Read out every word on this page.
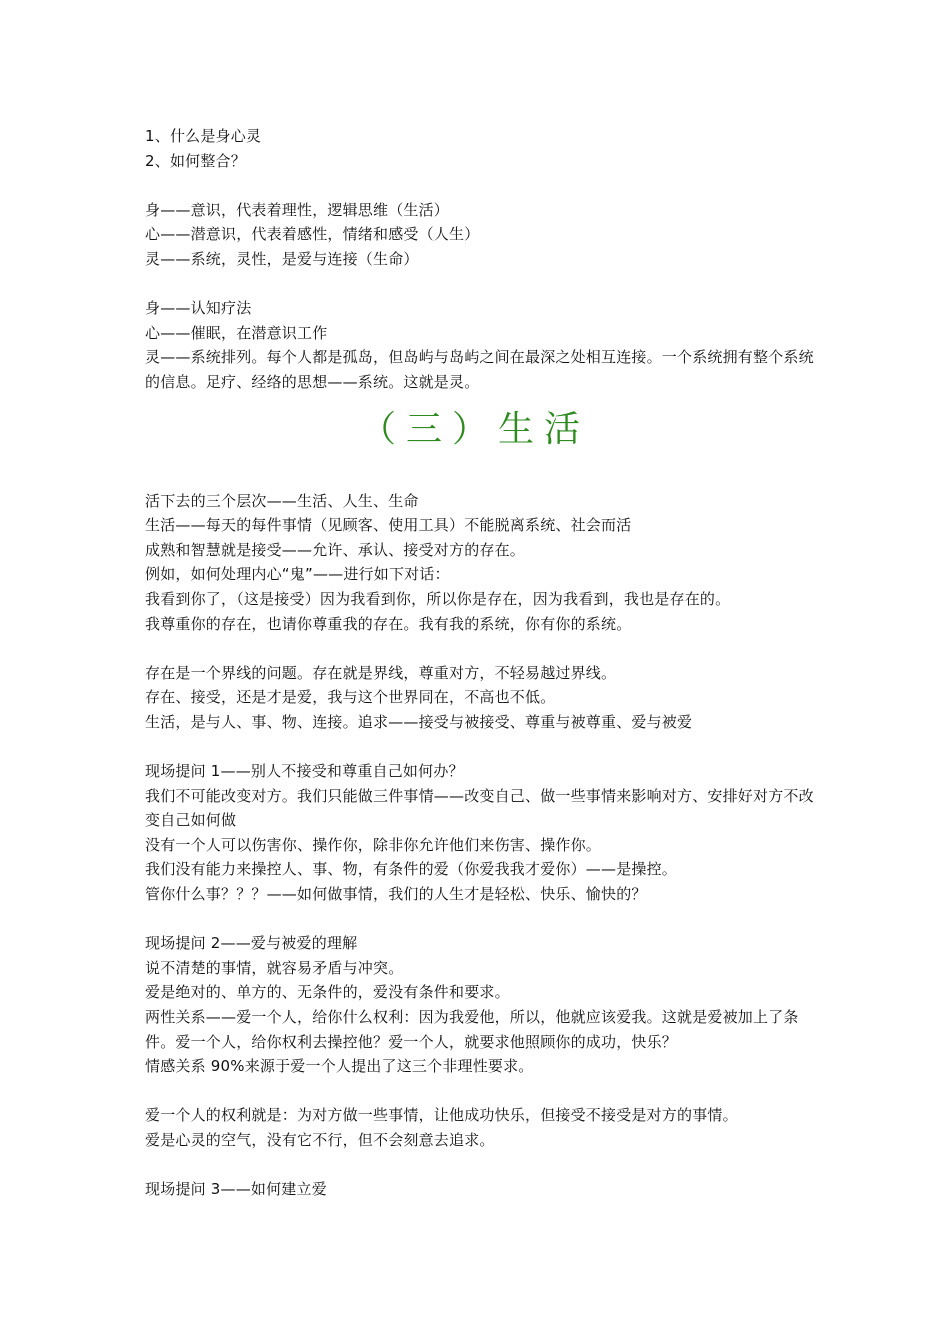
1、什么是身心灵
2、如何整合？
身——意识，代表着理性，逻辑思维（生活）
心——潜意识，代表着感性，情绪和感受（人生）
灵——系统，灵性，是爱与连接（生命）
身——认知疗法
心——催眠，在潜意识工作
灵——系统排列。每个人都是孤岛，但岛屿与岛屿之间在最深之处相互连接。一个系统拥有整个系统的信息。足疗、经络的思想——系统。这就是灵。
（三）生活
活下去的三个层次——生活、人生、生命
生活——每天的每件事情（见顾客、使用工具）不能脱离系统、社会而活
成熟和智慧就是接受——允许、承认、接受对方的存在。
例如，如何处理内心“鬼”——进行如下对话：
我看到你了，（这是接受）因为我看到你，所以你是存在，因为我看到，我也是存在的。
我尊重你的存在，也请你尊重我的存在。我有我的系统，你有你的系统。
存在是一个界线的问题。存在就是界线，尊重对方，不轻易越过界线。
存在、接受，还是才是爱，我与这个世界同在，不高也不低。
生活，是与人、事、物、连接。追求——接受与被接受、尊重与被尊重、爱与被爱
现场提问 1——别人不接受和尊重自己如何办？
我们不可能改变对方。我们只能做三件事情——改变自己、做一些事情来影响对方、安排好对方不改变自己如何做
没有一个人可以伤害你、操作你，除非你允许他们来伤害、操作你。
我们没有能力来操控人、事、物，有条件的爱（你爱我我才爱你）——是操控。
管你什么事？？？——如何做事情，我们的人生才是轻松、快乐、愉快的？
现场提问 2——爱与被爱的理解
说不清楚的事情，就容易矛盾与冲突。
爱是绝对的、单方的、无条件的，爱没有条件和要求。
两性关系——爱一个人，给你什么权利：因为我爱他，所以，他就应该爱我。这就是爱被加上了条件。爱一个人，给你权利去操控他？爱一个人，就要求他照顾你的成功，快乐？
情感关系 90%来源于爱一个人提出了这三个非理性要求。
爱一个人的权利就是：为对方做一些事情，让他成功快乐，但接受不接受是对方的事情。
爱是心灵的空气，没有它不行，但不会刻意去追求。
现场提问 3——如何建立爱
